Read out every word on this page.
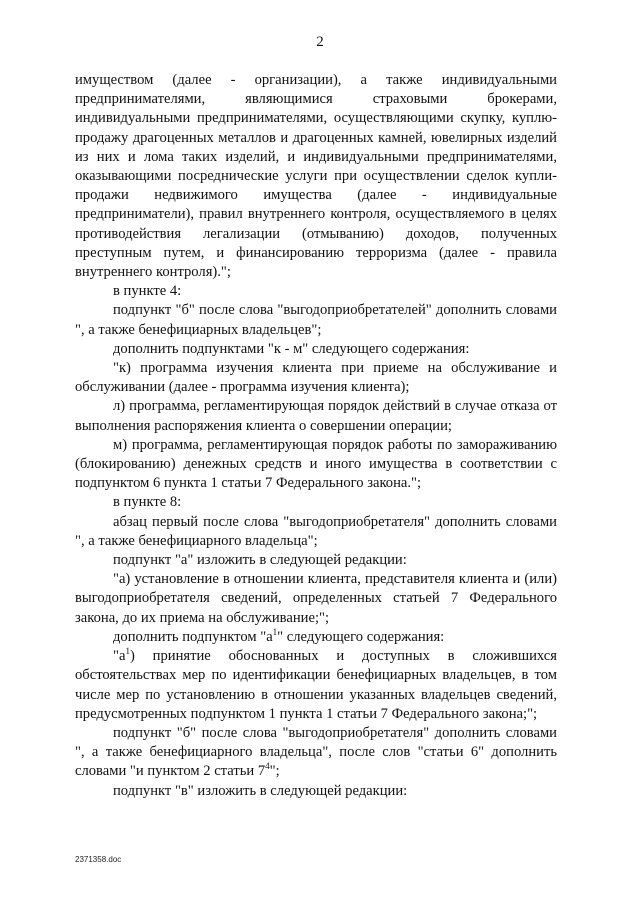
2

имуществом (далее - организации), а также индивидуальными предпринимателями, являющимися страховыми брокерами, индивидуальными предпринимателями, осуществляющими скупку, куплю-продажу драгоценных металлов и драгоценных камней, ювелирных изделий из них и лома таких изделий, и индивидуальными предпринимателями, оказывающими посреднические услуги при осуществлении сделок купли-продажи недвижимого имущества (далее - индивидуальные предприниматели), правил внутреннего контроля, осуществляемого в целях противодействия легализации (отмыванию) доходов, полученных преступным путем, и финансированию терроризма (далее - правила внутреннего контроля).";

в пункте 4:

подпункт "б" после слова "выгодоприобретателей" дополнить словами ", а также бенефициарных владельцев";

дополнить подпунктами "к - м" следующего содержания:

"к) программа изучения клиента при приеме на обслуживание и обслуживании (далее - программа изучения клиента);

л) программа, регламентирующая порядок действий в случае отказа от выполнения распоряжения клиента о совершении операции;

м) программа, регламентирующая порядок работы по замораживанию (блокированию) денежных средств и иного имущества в соответствии с подпунктом 6 пункта 1 статьи 7 Федерального закона.";

в пункте 8:

абзац первый после слова "выгодоприобретателя" дополнить словами ", а также бенефициарного владельца";

подпункт "а" изложить в следующей редакции:

"а) установление в отношении клиента, представителя клиента и (или) выгодоприобретателя сведений, определенных статьей 7 Федерального закона, до их приема на обслуживание;";

дополнить подпунктом "$а^1$" следующего содержания:

"$а^1$) принятие обоснованных и доступных в сложившихся обстоятельствах мер по идентификации бенефициарных владельцев, в том числе мер по установлению в отношении указанных владельцев сведений, предусмотренных подпунктом 1 пункта 1 статьи 7 Федерального закона;";

подпункт "б" после слова "выгодоприобретателя" дополнить словами ", а также бенефициарного владельца", после слов "статьи 6" дополнить словами "и пунктом 2 статьи $7^4$";

подпункт "в" изложить в следующей редакции:

2371358.doc
